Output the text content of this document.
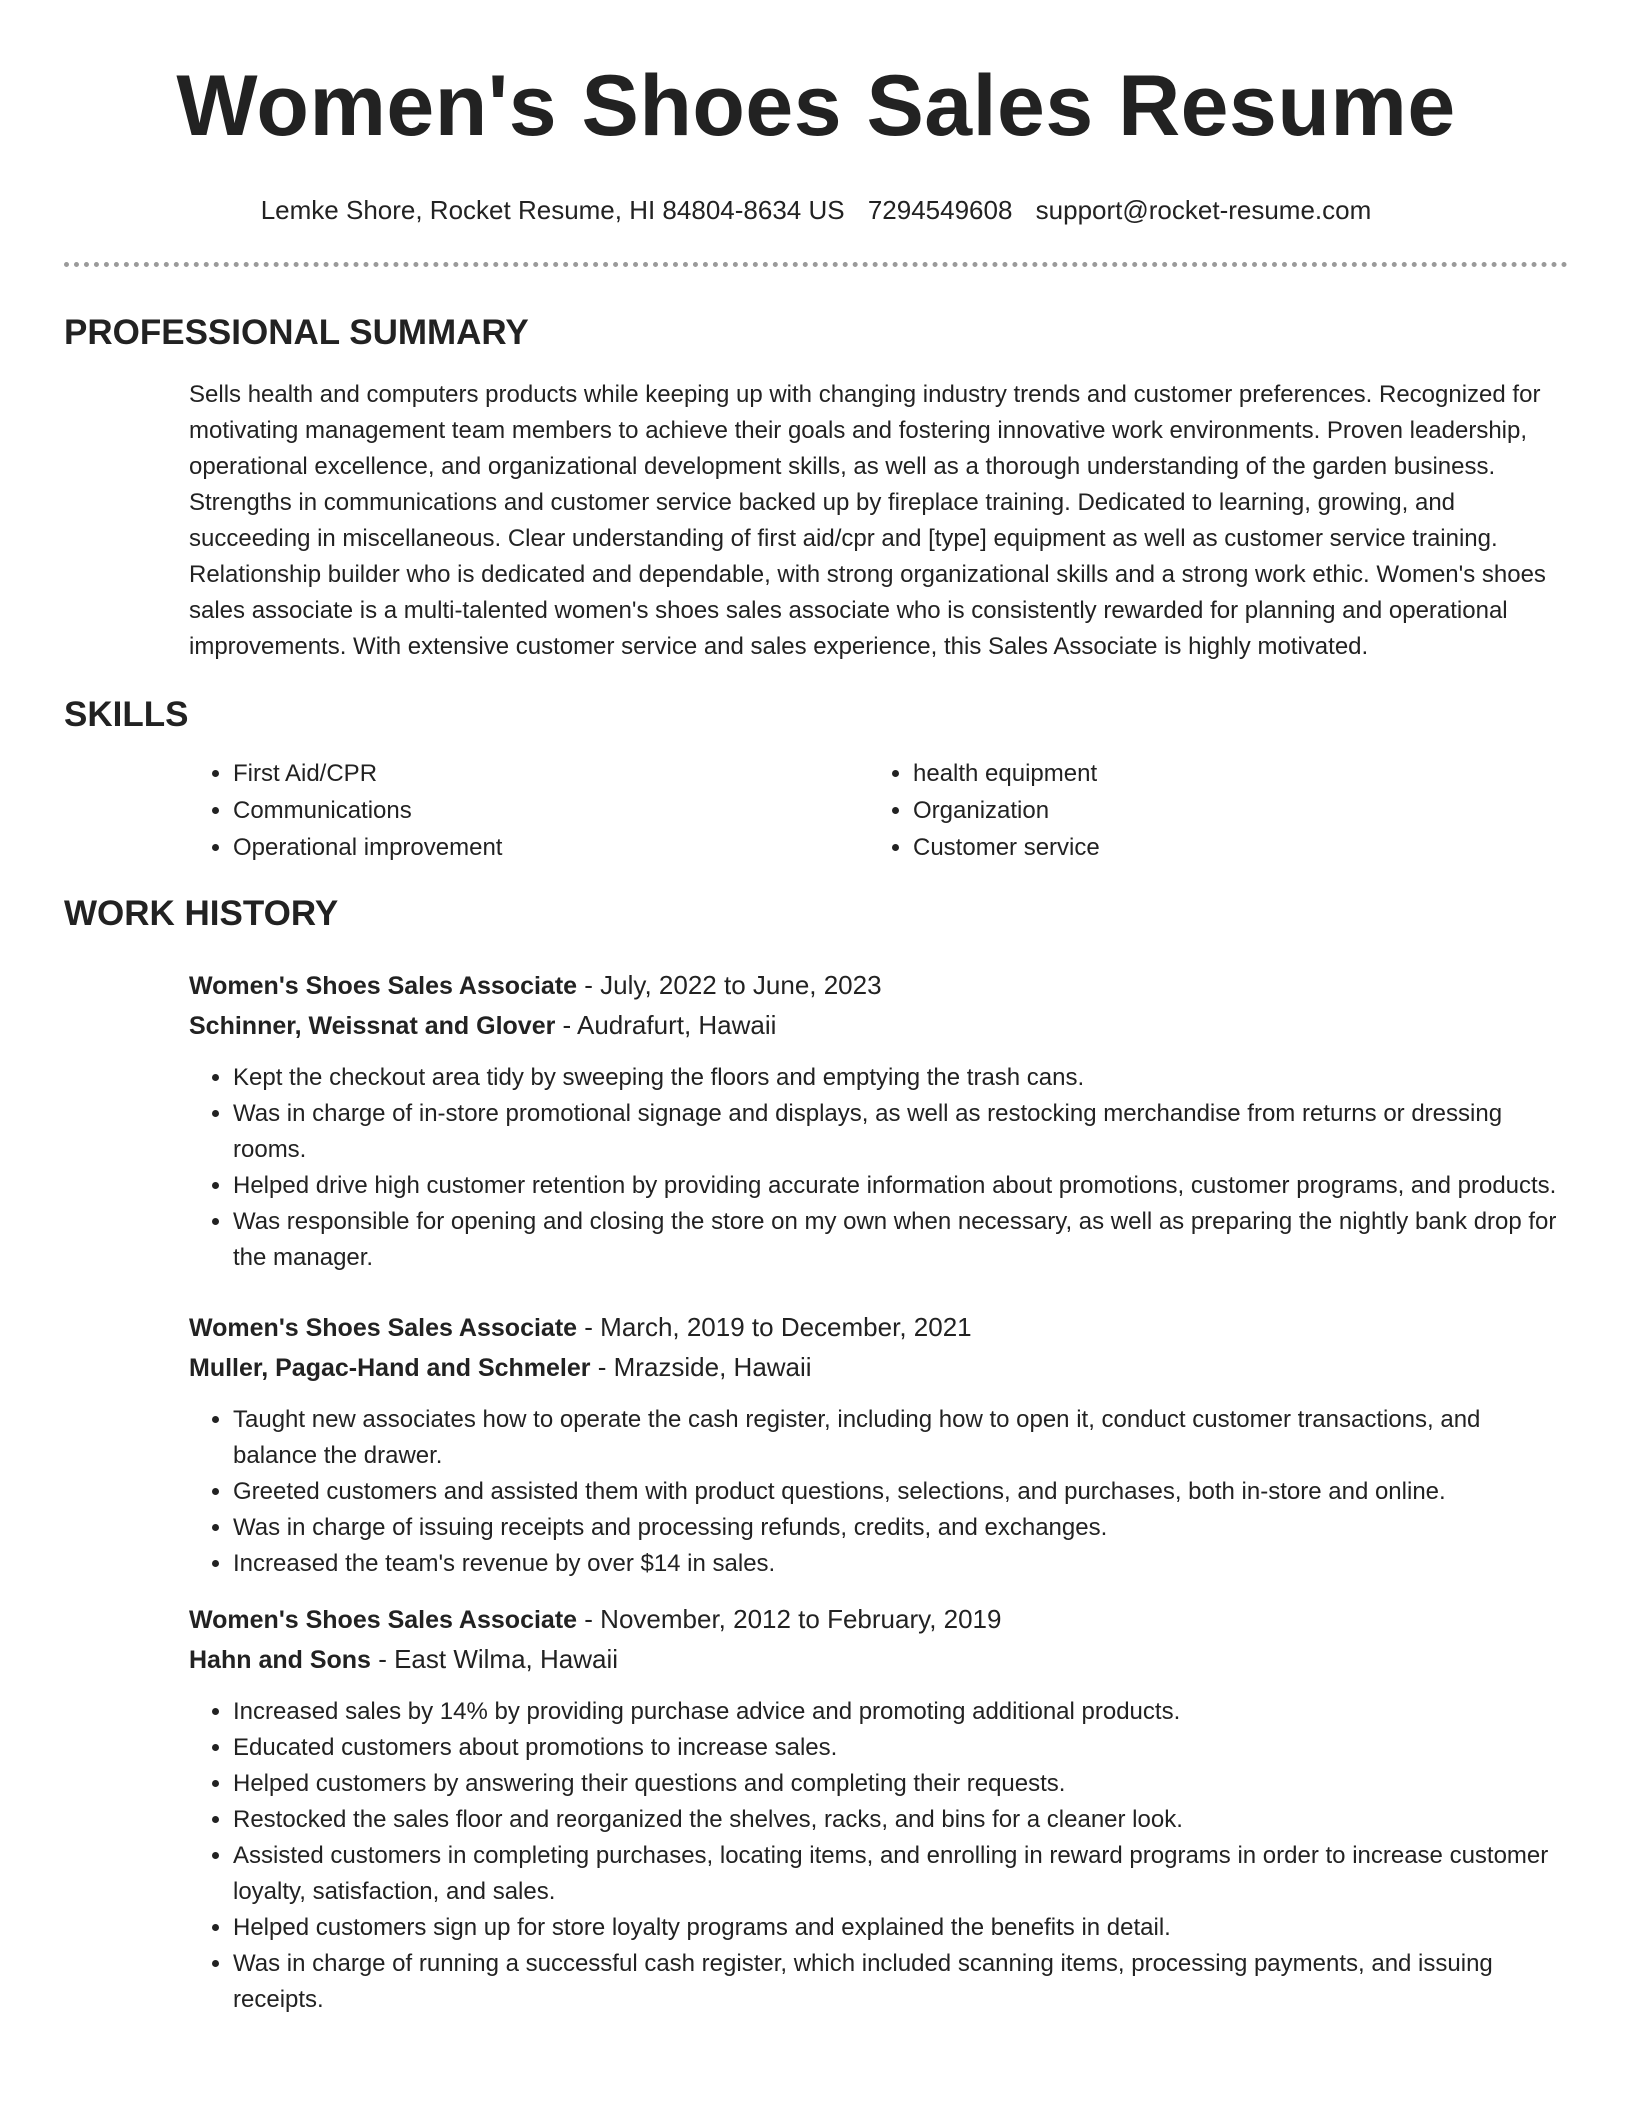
Women's Shoes Sales Resume
Lemke Shore, Rocket Resume, HI 84804-8634 US 7294549608 support@rocket-resume.com
PROFESSIONAL SUMMARY

Sells health and computers products while keeping up with changing industry trends and customer preferences. Recognized for motivating management team members to achieve their goals and fostering innovative work environments. Proven leadership, operational excellence, and organizational development skills, as well as a thorough understanding of the garden business. Strengths in communications and customer service backed up by fireplace training. Dedicated to learning, growing, and succeeding in miscellaneous. Clear understanding of first aid/cpr and [type] equipment as well as customer service training. Relationship builder who is dedicated and dependable, with strong organizational skills and a strong work ethic. Women's shoes sales associate is a multi-talented women's shoes sales associate who is consistently rewarded for planning and operational improvements. With extensive customer service and sales experience, this Sales Associate is highly motivated.

SKILLS
• First Aid/CPR
• Communications
• Operational improvement
• health equipment
• Organization
• Customer service
WORK HISTORY
Women's Shoes Sales Associate - July, 2022 to June, 2023
Schinner, Weissnat and Glover - Audrafurt, Hawaii
• Kept the checkout area tidy by sweeping the floors and emptying the trash cans.
• Was in charge of in-store promotional signage and displays, as well as restocking merchandise from returns or dressing rooms.
• Helped drive high customer retention by providing accurate information about promotions, customer programs, and products.
• Was responsible for opening and closing the store on my own when necessary, as well as preparing the nightly bank drop for the manager.
Women's Shoes Sales Associate - March, 2019 to December, 2021
Muller, Pagac-Hand and Schmeler - Mrazside, Hawaii
• Taught new associates how to operate the cash register, including how to open it, conduct customer transactions, and balance the drawer.
• Greeted customers and assisted them with product questions, selections, and purchases, both in-store and online.
• Was in charge of issuing receipts and processing refunds, credits, and exchanges.
• Increased the team's revenue by over $14 in sales.
Women's Shoes Sales Associate - November, 2012 to February, 2019
Hahn and Sons - East Wilma, Hawaii
• Increased sales by 14% by providing purchase advice and promoting additional products.
• Educated customers about promotions to increase sales.
• Helped customers by answering their questions and completing their requests.
• Restocked the sales floor and reorganized the shelves, racks, and bins for a cleaner look.
• Assisted customers in completing purchases, locating items, and enrolling in reward programs in order to increase customer loyalty, satisfaction, and sales.
• Helped customers sign up for store loyalty programs and explained the benefits in detail.
• Was in charge of running a successful cash register, which included scanning items, processing payments, and issuing receipts.
